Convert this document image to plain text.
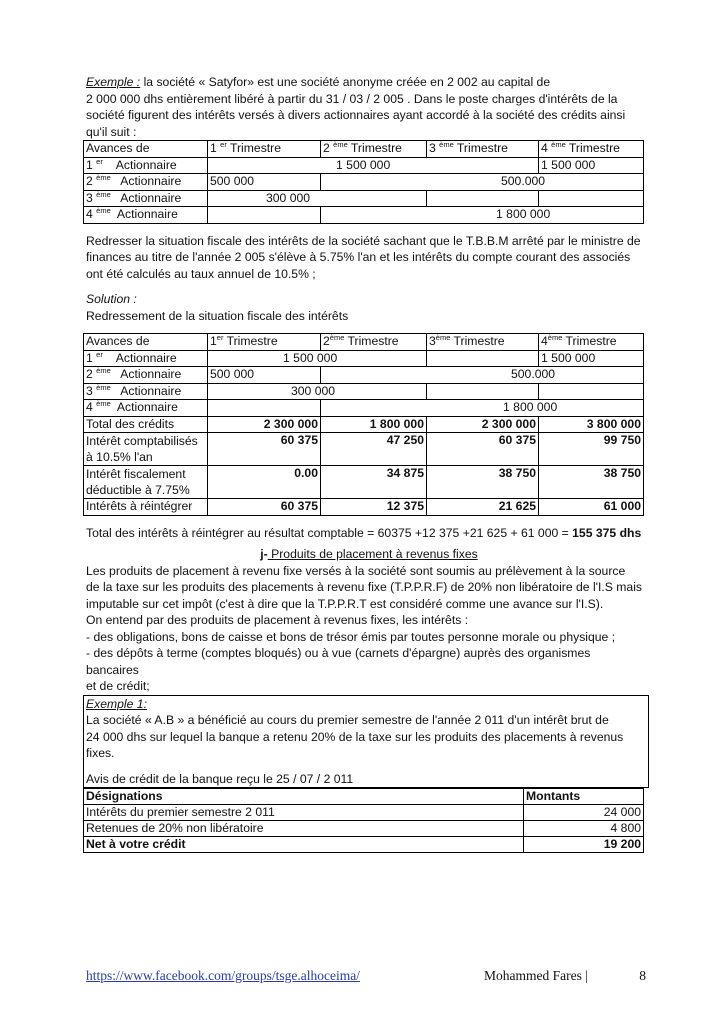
Exemple : la société « Satyfor» est une société anonyme créée en 2 002 au capital de

2 000 000 dhs entièrement libéré à partir du 31 / 03 / 2 005 . Dans le poste charges d'intérêts de la

société figurent des intérêts versés à divers actionnaires ayant accordé à la société des crédits ainsi

qu'il suit :

Avances de	1 $^{er}$ Trimestre	2 $^{ème}$ Trimestre	3 $^{ème}$ Trimestre	4 $^{ème}$ Trimestre
1 $^{er}$ Actionnaire	1 500 000			1 500 000
2 $^{ème}$ Actionnaire	500 000	500.000		
3 $^{ème}$ Actionnaire	300 000			
4 $^{ème}$ Actionnaire		1 800 000		

Redresser la situation fiscale des intérêts de la société sachant que le T.B.B.M arrêté par le ministre de

finances au titre de l'année 2 005 s'élève à 5.75% l'an et les intérêts du compte courant des associés

ont été calculés au taux annuel de 10.5% ;

Solution :

Redressement de la situation fiscale des intérêts

Avances de	1er Trimestre	2ème Trimestre	3ème Trimestre	4ème Trimestre
1 $^{er}$ Actionnaire	1 500 000			1 500 000
2 $^{ème}$ Actionnaire	500 000	500.000		
3 $^{ème}$ Actionnaire	300 000			
4 $^{ème}$ Actionnaire		1 800 000		
Total des crédits	2 300 000	1 800 000	2 300 000	3 800 000
Intérêt comptabilisés à 10.5% l'an	60 375	47 250	60 375	99 750
Intérêt fiscalement déductible à 7.75%	0.00	34 875	38 750	38 750
Intérêts à réintégrer	60 375	12 375	21 625	61 000

Total des intérêts à réintégrer au résultat comptable = 60375 +12 375 +21 625 + 61 000 = 155 375 dhs

j- Produits de placement à revenus fixes

Les produits de placement à revenu fixe versés à la société sont soumis au prélèvement à la source

de la taxe sur les produits des placements à revenu fixe (T.P.P.R.F) de 20% non libératoire de l'I.S mais

imputable sur cet impôt (c'est à dire que la T.P.P.R.T est considéré comme une avance sur l'I.S).

On entend par des produits de placement à revenus fixes, les intérêts :

- des obligations, bons de caisse et bons de trésor émis par toutes personne morale ou physique ;

- des dépôts à terme (comptes bloqués) ou à vue (carnets d'épargne) auprès des organismes bancaires

et de crédit;

Exemple 1:

La société « A.B » a bénéficié au cours du premier semestre de l'année 2 011 d'un intérêt brut de

24 000 dhs sur lequel la banque a retenu 20% de la taxe sur les produits des placements à revenus

fixes.

Avis de crédit de la banque reçu le 25 / 07 / 2 011

Désignations	Montants
Intérêts du premier semestre 2 011	24 000
Retenues de 20% non libératoire	4 800
Net à votre crédit	19 200
https://www.facebook.com/groups/tsge.alhoceima/	Mohammed Fares |	8
